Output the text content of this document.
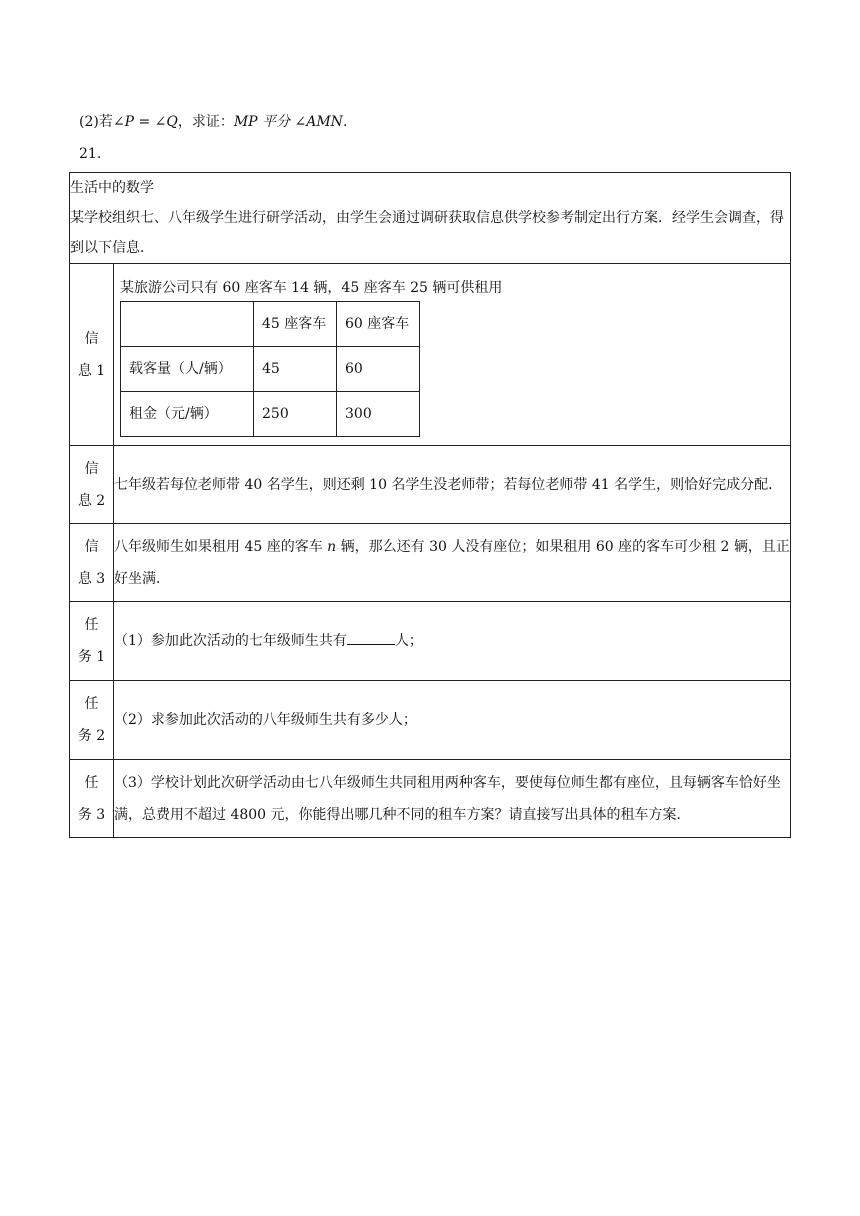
(2)若∠P = ∠Q，求证：MP 平分 ∠AMN.
21.
生活中的数学
某学校组织七、八年级学生进行研学活动，由学生会通过调研获取信息供学校参考制定出行方案．经学生会调查，得到以下信息．

信
息 1

某旅游公司只有 60 座客车 14 辆，45 座客车 25 辆可供租用
	45 座客车	60 座客车
载客量（人/辆）	45	60
租金（元/辆）	250	300

信
息 2
	七年级若每位老师带 40 名学生，则还剩 10 名学生没老师带；若每位老师带 41 名学生，则恰好完成分配．

信
息 3
	八年级师生如果租用 45 座的客车 n 辆，那么还有 30 人没有座位；如果租用 60 座的客车可少租 2 辆，且正好坐满．

任
务 1
	（1）参加此次活动的七年级师生共有	人；

任
务 2
	（2）求参加此次活动的八年级师生共有多少人；

任
务 3
	（3）学校计划此次研学活动由七八年级师生共同租用两种客车，要使每位师生都有座位，且每辆客车恰好坐满，总费用不超过 4800 元，你能得出哪几种不同的租车方案？请直接写出具体的租车方案．
